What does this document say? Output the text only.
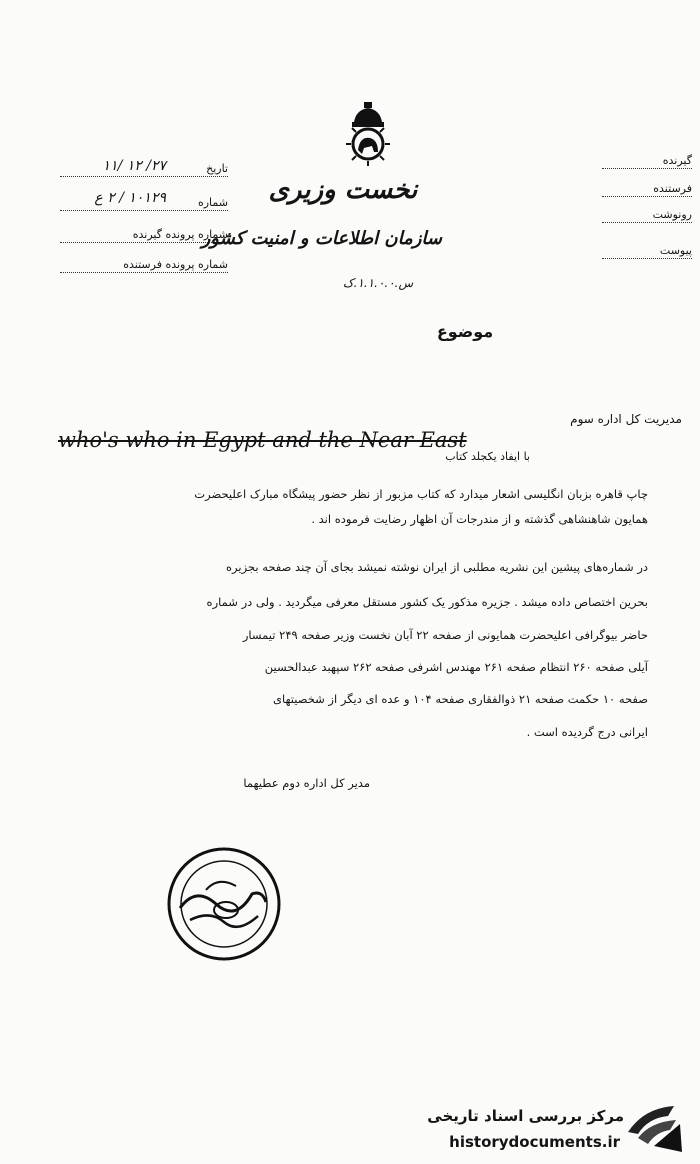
تاریخ
۲۷/ ۱۲ /۱۱
شماره
۱۰۱۲۹ / ۲ ع
شماره پرونده گیرنده
شماره پرونده فرستنده
گیرنده
فرستنده
رونوشت
پیوست
نخست وزیری
سازمان اطلاعات و امنیت کشور
س.۱.۱.۰.۰.ک
موضوع
مدیریت کل اداره سوم
who's who in Egypt and the Near East
با ایفاد یکجلد کتاب
چاپ قاهره بزبان انگلیسی اشعار میدارد که کتاب مزبور از نظر حضور پیشگاه مبارک اعلیحضرت
همایون شاهنشاهی گذشته و از مندرجات آن اظهار رضایت فرموده اند .
در شماره‌های پیشین این نشریه مطلبی از ایران نوشته نمیشد بجای آن چند صفحه بجزیره
بحرین اختصاص داده میشد . جزیره مذکور یک کشور مستقل معرفی میگردید . ولی در شماره
حاضر بیوگرافی اعلیحضرت همایونی از صفحه ۲۲ آبان نخست وزیر صفحه ۲۴۹ تیمسار
آیلی صفحه ۲۶۰ انتظام صفحه ۲۶۱ مهندس اشرفی صفحه ۲۶۲ سپهبد عبدالحسین
صفحه ۱۰ حکمت صفحه ۲۱ ذوالفقاری صفحه ۱۰۴ و عده ای دیگر از شخصیتهای
ایرانی درج گردیده است .
مدیر کل اداره دوم عطیهما
مرکز بررسی اسناد تاریخی
historydocuments.ir
